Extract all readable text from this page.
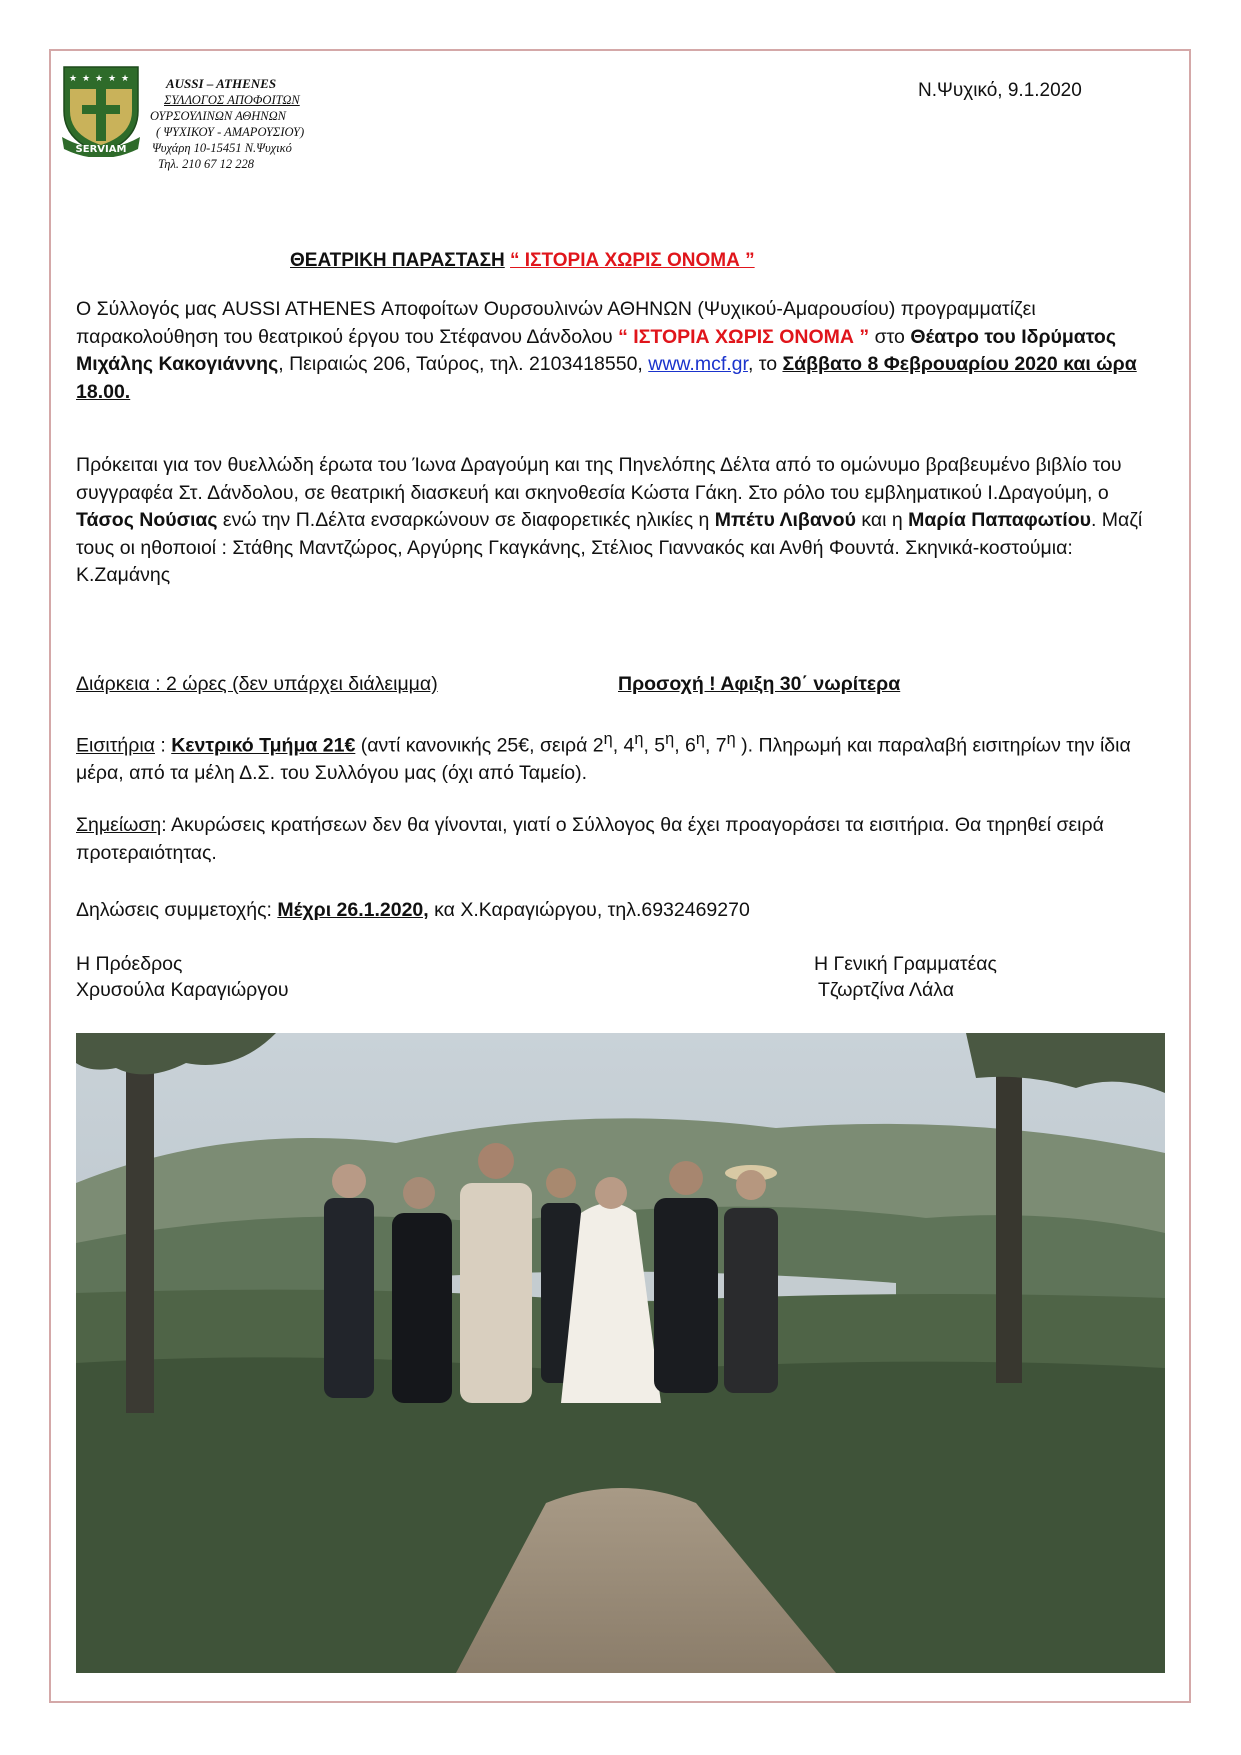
★ ★ ★ ★ ★
SERVIAM
AUSSI – ATHENES
ΣΥΛΛΟΓΟΣ ΑΠΟΦΟΙΤΩΝ
ΟΥΡΣΟΥΛΙΝΩΝ ΑΘΗΝΩΝ
( ΨΥΧΙΚΟΥ - ΑΜΑΡΟΥΣΙΟΥ)
Ψυχάρη 10-15451 Ν.Ψυχικό
Τηλ. 210 67 12 228
Ν.Ψυχικό, 9.1.2020
ΘΕΑΤΡΙΚΗ ΠΑΡΑΣΤΑΣΗ “ ΙΣΤΟΡΙΑ ΧΩΡΙΣ ΟΝΟΜΑ ”

Ο Σύλλογός μας AUSSI ATHENES Αποφοίτων Ουρσουλινών ΑΘΗΝΩΝ (Ψυχικού-Αμαρουσίου) προγραμματίζει παρακολούθηση του θεατρικού έργου του Στέφανου Δάνδολου “ ΙΣΤΟΡΙΑ ΧΩΡΙΣ ΟΝΟΜΑ ” στο Θέατρο του Ιδρύματος Μιχάλης Κακογιάννης, Πειραιώς 206, Ταύρος, τηλ. 2103418550, www.mcf.gr, το Σάββατο 8 Φεβρουαρίου 2020 και ώρα 18.00.

Πρόκειται για τον θυελλώδη έρωτα του Ίωνα Δραγούμη και της Πηνελόπης Δέλτα από το ομώνυμο βραβευμένο βιβλίο του συγγραφέα Στ. Δάνδολου, σε θεατρική διασκευή και σκηνοθεσία Κώστα Γάκη. Στο ρόλο του εμβληματικού Ι.Δραγούμη, ο Τάσος Νούσιας ενώ την Π.Δέλτα ενσαρκώνουν σε διαφορετικές ηλικίες η Μπέτυ Λιβανού και η Μαρία Παπαφωτίου. Μαζί τους οι ηθοποιοί : Στάθης Μαντζώρος, Αργύρης Γκαγκάνης, Στέλιος Γιαννακός και Ανθή Φουντά. Σκηνικά-κοστούμια: Κ.Ζαμάνης

Διάρκεια : 2 ώρες (δεν υπάρχει διάλειμμα)	Προσοχή ! Αφιξη 30΄ νωρίτερα

Εισιτήρια : Κεντρικό Τμήμα 21€ (αντί κανονικής 25€, σειρά $2^\eta$, $4^\eta$, $5^\eta$, $6^\eta$, $7^\eta$ ). Πληρωμή και παραλαβή εισιτηρίων την ίδια μέρα, από τα μέλη Δ.Σ. του Συλλόγου μας (όχι από Ταμείο).

Σημείωση: Ακυρώσεις κρατήσεων δεν θα γίνονται, γιατί ο Σύλλογος θα έχει προαγοράσει τα εισιτήρια. Θα τηρηθεί σειρά προτεραιότητας.

Δηλώσεις συμμετοχής: Μέχρι 26.1.2020, κα Χ.Καραγιώργου, τηλ.6932469270

Η Πρόεδρος
Χρυσούλα Καραγιώργου
Η Γενική Γραμματέας
Τζωρτζίνα Λάλα
